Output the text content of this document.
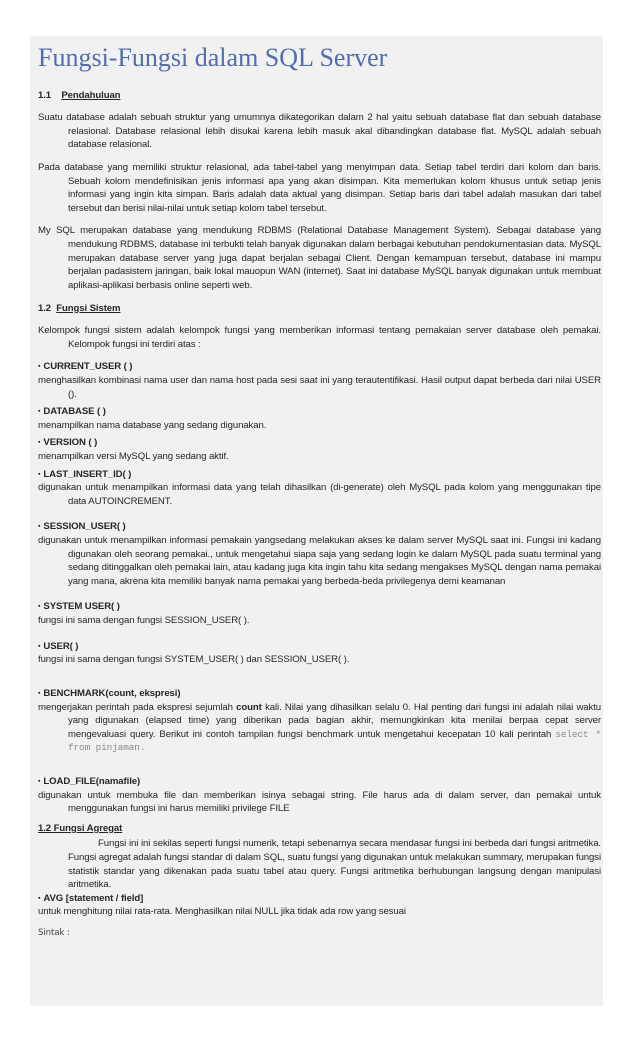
Fungsi-Fungsi dalam SQL Server
1.1 Pendahuluan

Suatu database adalah sebuah struktur yang umumnya dikategorikan dalam 2 hal yaitu sebuah database flat dan sebuah database relasional. Database relasional lebih disukai karena lebih masuk akal dibandingkan database flat. MySQL adalah sebuah database relasional.

Pada database yang memiliki struktur relasional, ada tabel-tabel yang menyimpan data. Setiap tabel terdiri dari kolom dan baris. Sebuah kolom mendefinisikan jenis informasi apa yang akan disimpan. Kita memerlukan kolom khusus untuk setiap jenis informasi yang ingin kita simpan. Baris adalah data aktual yang disimpan. Setiap baris dari tabel adalah masukan dari tabel tersebut dan berisi nilai-nilai untuk setiap kolom tabel tersebut.

My SQL merupakan database yang mendukung RDBMS (Relational Database Management System). Sebagai database yang mendukung RDBMS, database ini terbukti telah banyak digunakan dalam berbagai kebutuhan pendokumentasian data. MySQL merupakan database server yang juga dapat berjalan sebagai Client. Dengan kemampuan tersebut, database ini mampu berjalan padasistem jaringan, baik lokal mauopun WAN (internet). Saat ini database MySQL banyak digunakan untuk membuat aplikasi-aplikasi berbasis online seperti web.

1.2 Fungsi Sistem

Kelompok fungsi sistem adalah kelompok fungsi yang memberikan informasi tentang pemakaian server database oleh pemakai. Kelompok fungsi ini terdiri atas :

▪ CURRENT_USER ( )

menghasilkan kombinasi nama user dan nama host pada sesi saat ini yang terautentifikasi. Hasil output dapat berbeda dari nilai USER ().

▪ DATABASE ( )

menampilkan nama database yang sedang digunakan.

▪ VERSION ( )

menampilkan versi MySQL yang sedang aktif.

▪ LAST_INSERT_ID( )

digunakan untuk menampilkan informasi data yang telah dihasilkan (di-generate) oleh MySQL pada kolom yang menggunakan tipe data AUTOINCREMENT.

▪ SESSION_USER( )

digunakan untuk menampilkan informasi pemakain yangsedang melakukan akses ke dalam server MySQL saat ini. Fungsi ini kadang digunakan oleh seorang pemakai., untuk mengetahui siapa saja yang sedang login ke dalam MySQL pada suatu terminal yang sedang ditinggalkan oleh pemakai lain, atau kadang juga kita ingin tahu kita sedang mengakses MySQL dengan nama pemakai yang mana, akrena kita memiliki banyak nama pemakai yang berbeda-beda privilegenya demi keamanan

▪ SYSTEM USER( )

fungsi ini sama dengan fungsi SESSION_USER( ).

▪ USER( )

fungsi ini sama dengan fungsi SYSTEM_USER( ) dan SESSION_USER( ).

▪ BENCHMARK(count, ekspresi)

mengerjakan perintah pada ekspresi sejumlah count kali. Nilai yang dihasilkan selalu 0. Hal penting dari fungsi ini adalah nilai waktu yang digunakan (elapsed time) yang diberikan pada bagian akhir, memungkinkan kita menilai berpaa cepat server mengevaluasi query. Berikut ini contoh tampilan fungsi benchmark untuk mengetahui kecepatan 10 kali perintah select * from pinjaman.

▪ LOAD_FILE(namafile)

digunakan untuk membuka file dan memberikan isinya sebagai string. File harus ada di dalam server, dan pemakai untuk menggunakan fungsi ini harus memiliki privilege FILE

1.2 Fungsi Agregat

Fungsi ini ini sekilas seperti fungsi numerik, tetapi sebenarnya secara mendasar fungsi ini berbeda dari fungsi aritmetika. Fungsi agregat adalah fungsi standar di dalam SQL, suatu fungsi yang digunakan untuk melakukan summary, merupakan fungsi statistik standar yang dikenakan pada suatu tabel atau query. Fungsi aritmetika berhubungan langsung dengan manipulasi aritmetika.

▪ AVG [statement / field]

untuk menghitung nilai rata-rata. Menghasilkan nilai NULL jika tidak ada row yang sesuai

Sintak :
